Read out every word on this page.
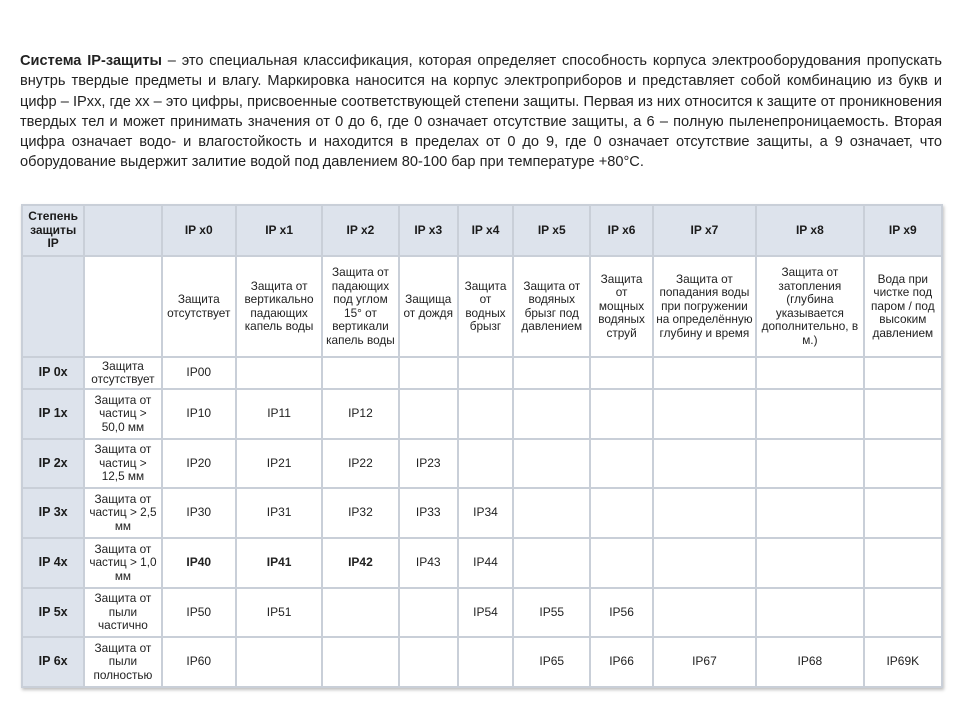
Система IP-защиты – это специальная классификация, которая определяет способность корпуса электрооборудования пропускать внутрь твердые предметы и влагу. Маркировка наносится на корпус электроприборов и представляет собой комбинацию из букв и цифр – IPxx, где xx – это цифры, присвоенные соответствующей степени защиты. Первая из них относится к защите от проникновения твердых тел и может принимать значения от 0 до 6, где 0 означает отсутствие защиты, а 6 – полную пыленепроницаемость. Вторая цифра означает водо- и влагостойкость и находится в пределах от 0 до 9, где 0 означает отсутствие защиты, а 9 означает, что оборудование выдержит залитие водой под давлением 80-100 бар при температуре +80°C.
Степень защиты IP		IP x0	IP x1	IP x2	IP x3	IP x4	IP x5	IP x6	IP x7	IP x8	IP x9
		Защита отсутствует	Защита от вертикально падающих капель воды	Защита от падающих под углом 15° от вертикали капель воды	Защища от дождя	Защита от водных брызг	Защита от водяных брызг под давлением	Защита от мощных водяных струй	Защита от попадания воды при погружении на определённую глубину и время	Защита от затопления (глубина указывается дополнительно, в м.)	Вода при чистке под паром / под высоким давлением
IP 0x	Защита отсутствует	IP00									
IP 1x	Защита от частиц > 50,0 мм	IP10	IP11	IP12							
IP 2x	Защита от частиц > 12,5 мм	IP20	IP21	IP22	IP23						
IP 3x	Защита от частиц > 2,5 мм	IP30	IP31	IP32	IP33	IP34					
IP 4x	Защита от частиц > 1,0 мм	IP40	IP41	IP42	IP43	IP44					
IP 5x	Защита от пыли частично	IP50	IP51			IP54	IP55	IP56			
IP 6x	Защита от пыли полностью	IP60					IP65	IP66	IP67	IP68	IP69K
